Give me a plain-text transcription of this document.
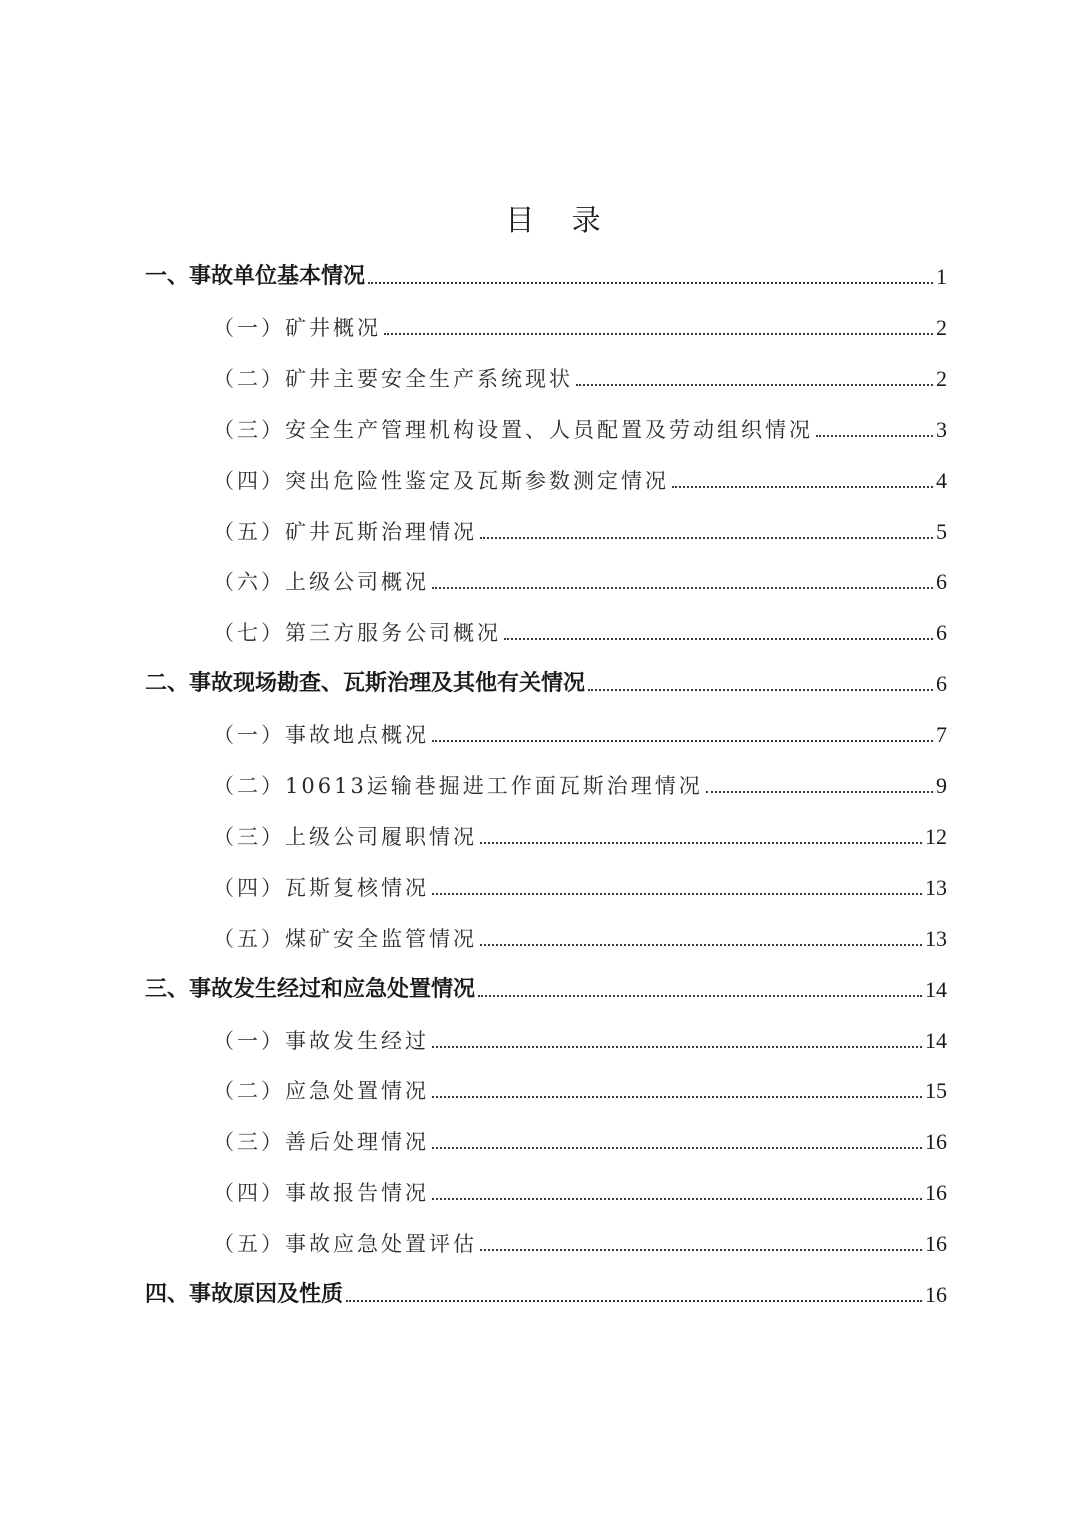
目 录
一、事故单位基本情况	1
（一）矿井概况	2
（二）矿井主要安全生产系统现状	2
（三）安全生产管理机构设置、人员配置及劳动组织情况	3
（四）突出危险性鉴定及瓦斯参数测定情况	4
（五）矿井瓦斯治理情况	5
（六）上级公司概况	6
（七）第三方服务公司概况	6
二、事故现场勘查、瓦斯治理及其他有关情况	6
（一）事故地点概况	7
（二）10613运输巷掘进工作面瓦斯治理情况	9
（三）上级公司履职情况	12
（四）瓦斯复核情况	13
（五）煤矿安全监管情况	13
三、事故发生经过和应急处置情况	14
（一）事故发生经过	14
（二）应急处置情况	15
（三）善后处理情况	16
（四）事故报告情况	16
（五）事故应急处置评估	16
四、事故原因及性质	16
